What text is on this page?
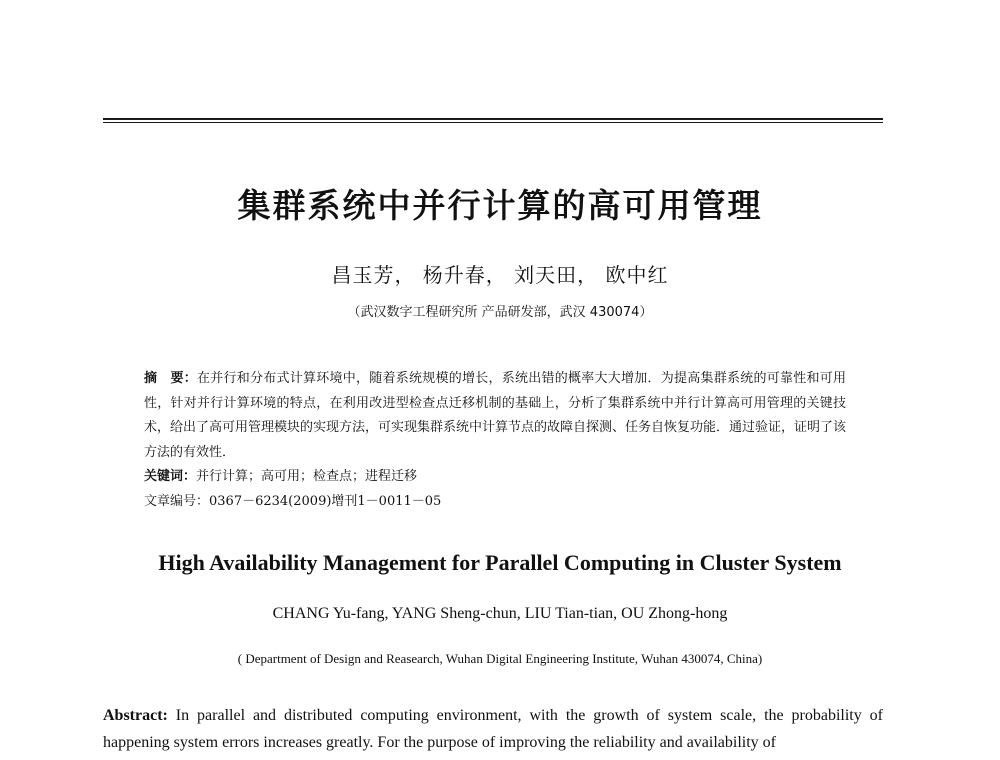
集群系统中并行计算的高可用管理
昌玉芳， 杨升春， 刘天田， 欧中红
（武汉数字工程研究所 产品研发部，武汉 430074）

摘　要：在并行和分布式计算环境中，随着系统规模的增长，系统出错的概率大大增加．为提高集群系统的可靠性和可用性，针对并行计算环境的特点，在利用改进型检查点迁移机制的基础上，分析了集群系统中并行计算高可用管理的关键技术，给出了高可用管理模块的实现方法，可实现集群系统中计算节点的故障自探测、任务自恢复功能．通过验证，证明了该方法的有效性．

关键词：并行计算；高可用；检查点；进程迁移

文章编号：0367－6234(2009)增刊1－0011－05

High Availability Management for Parallel Computing in Cluster System
CHANG Yu-fang, YANG Sheng-chun, LIU Tian-tian, OU Zhong-hong
( Department of Design and Reasearch, Wuhan Digital Engineering Institute, Wuhan 430074, China)
Abstract: In parallel and distributed computing environment, with the growth of system scale, the probability of happening system errors increases greatly. For the purpose of improving the reliability and availability of
